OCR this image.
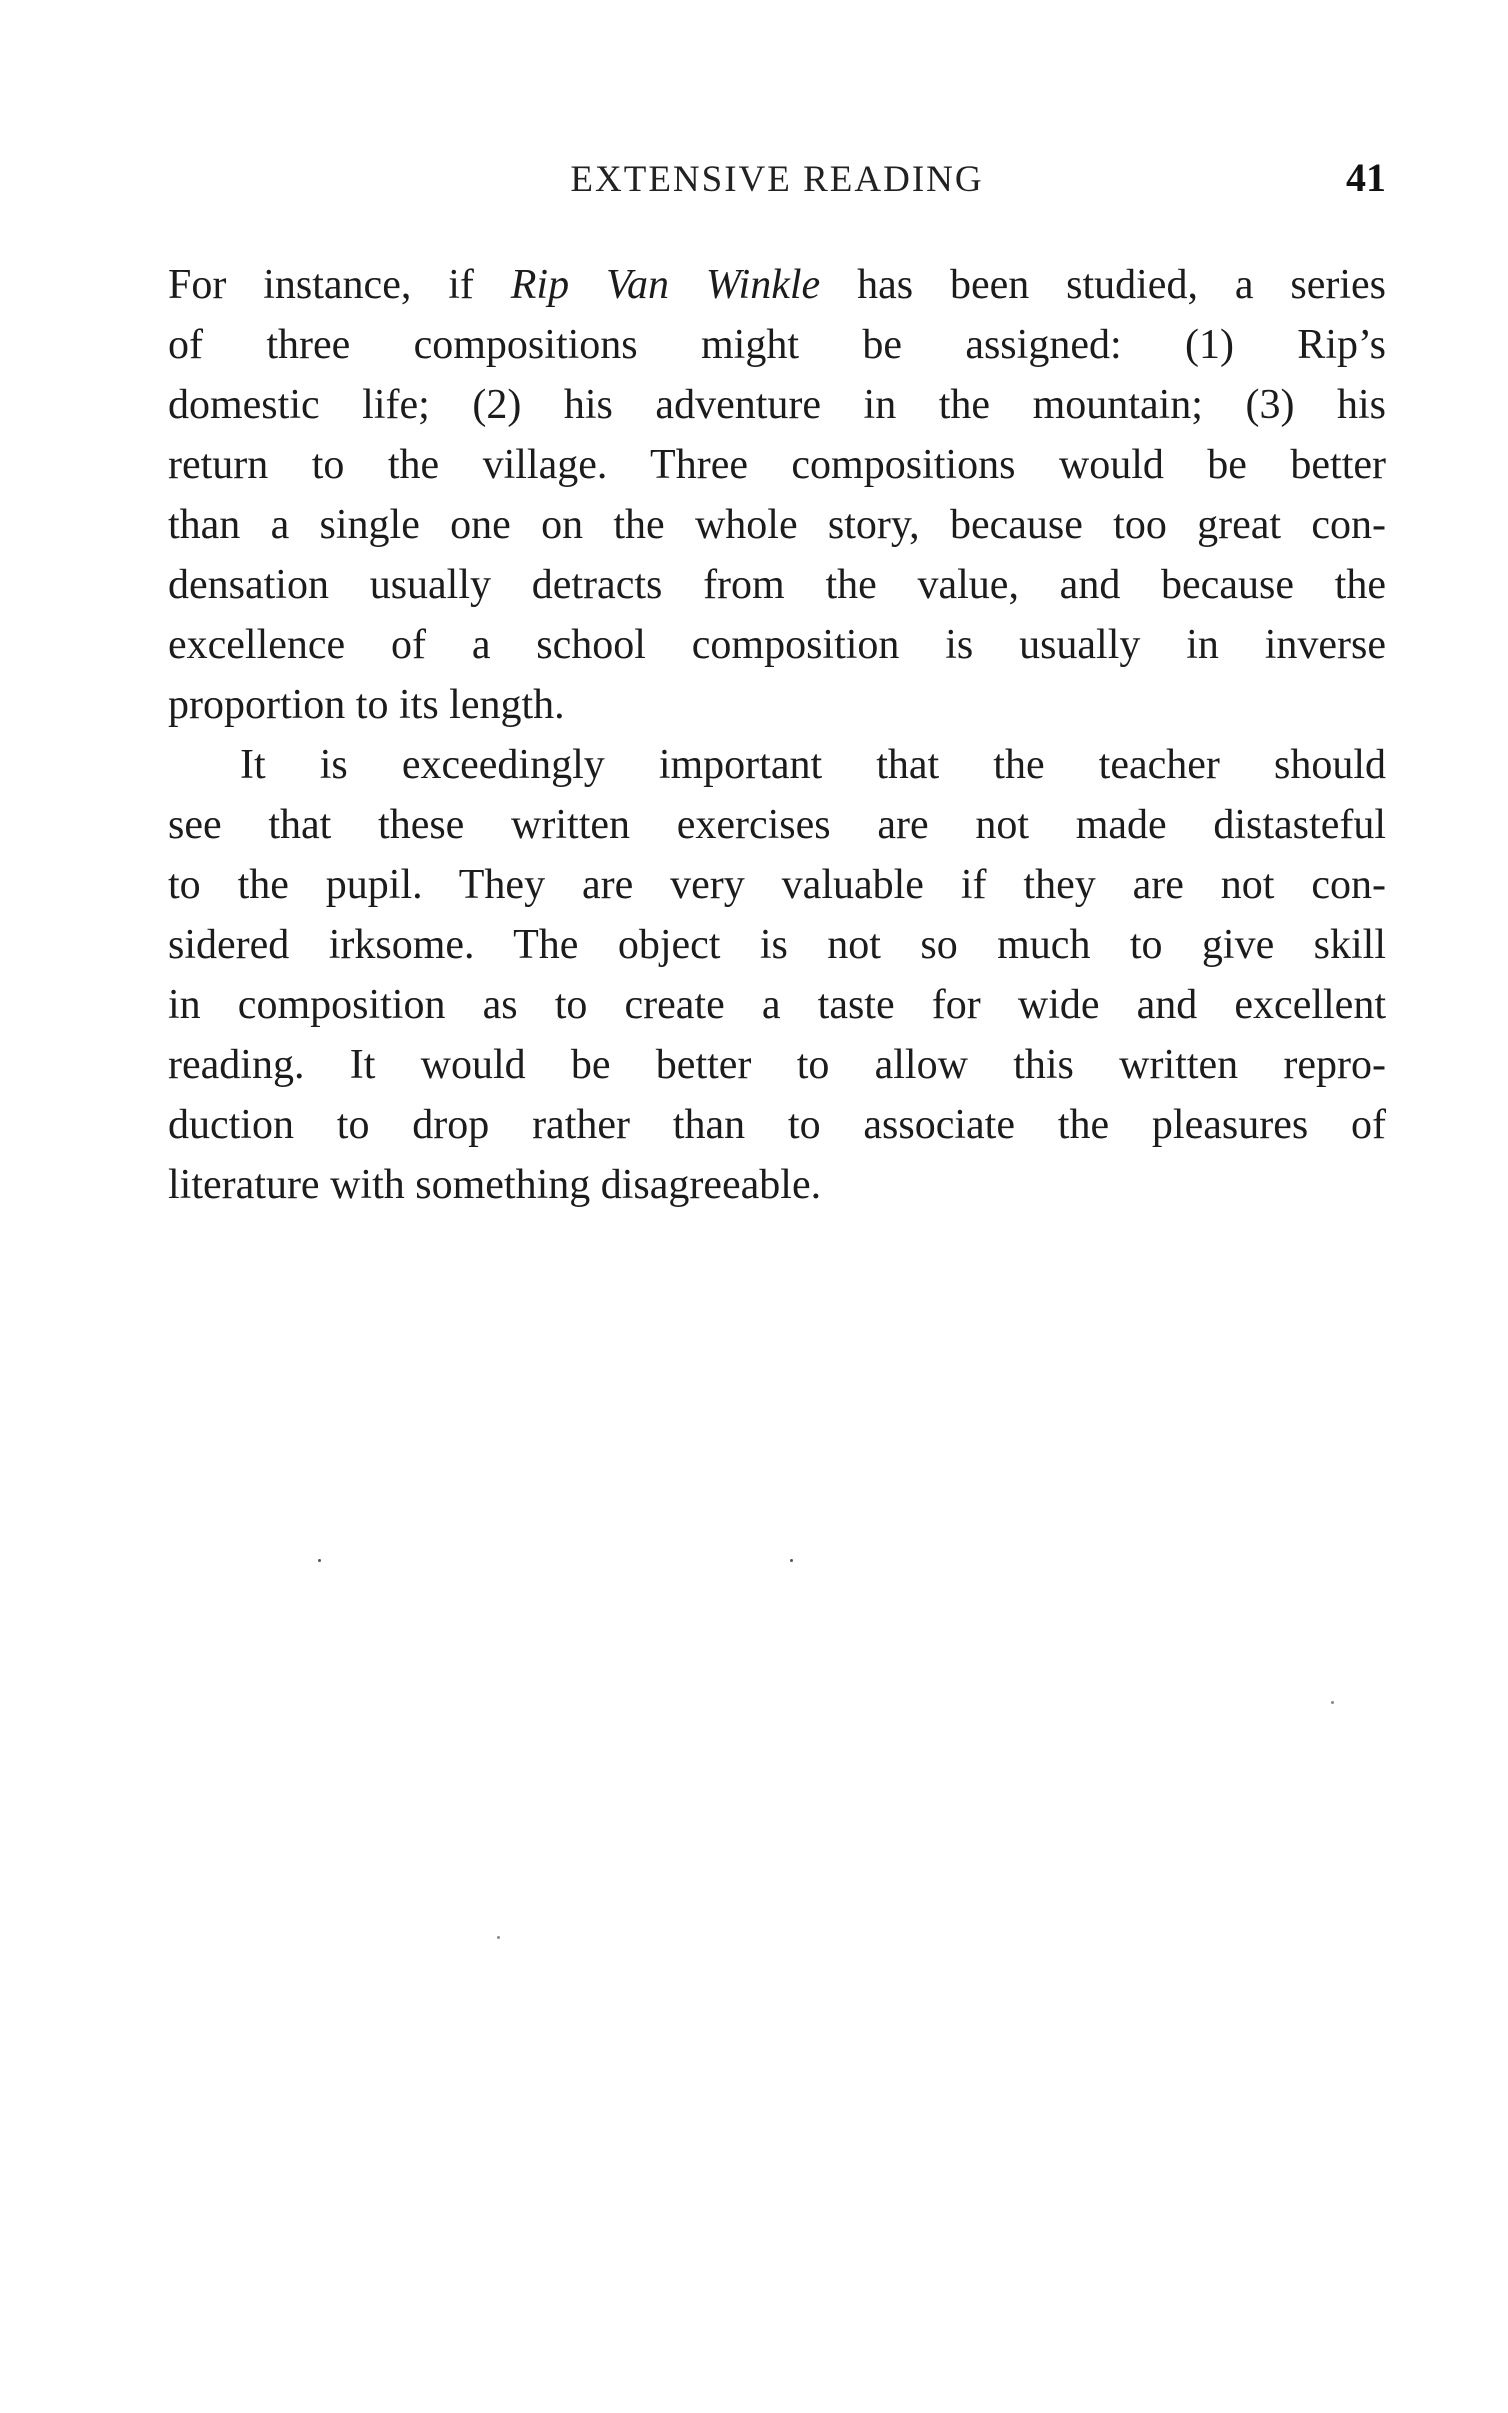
EXTENSIVE READING	41
For instance, if Rip Van Winkle has been studied, a series
of three compositions might be assigned: (1) Rip’s
domestic life; (2) his adventure in the mountain; (3) his
return to the village. Three compositions would be better
than a single one on the whole story, because too great con-
densation usually detracts from the value, and because the
excellence of a school composition is usually in inverse
proportion to its length.
It is exceedingly important that the teacher should
see that these written exercises are not made distasteful
to the pupil. They are very valuable if they are not con-
sidered irksome. The object is not so much to give skill
in composition as to create a taste for wide and excellent
reading. It would be better to allow this written repro-
duction to drop rather than to associate the pleasures of
literature with something disagreeable.
